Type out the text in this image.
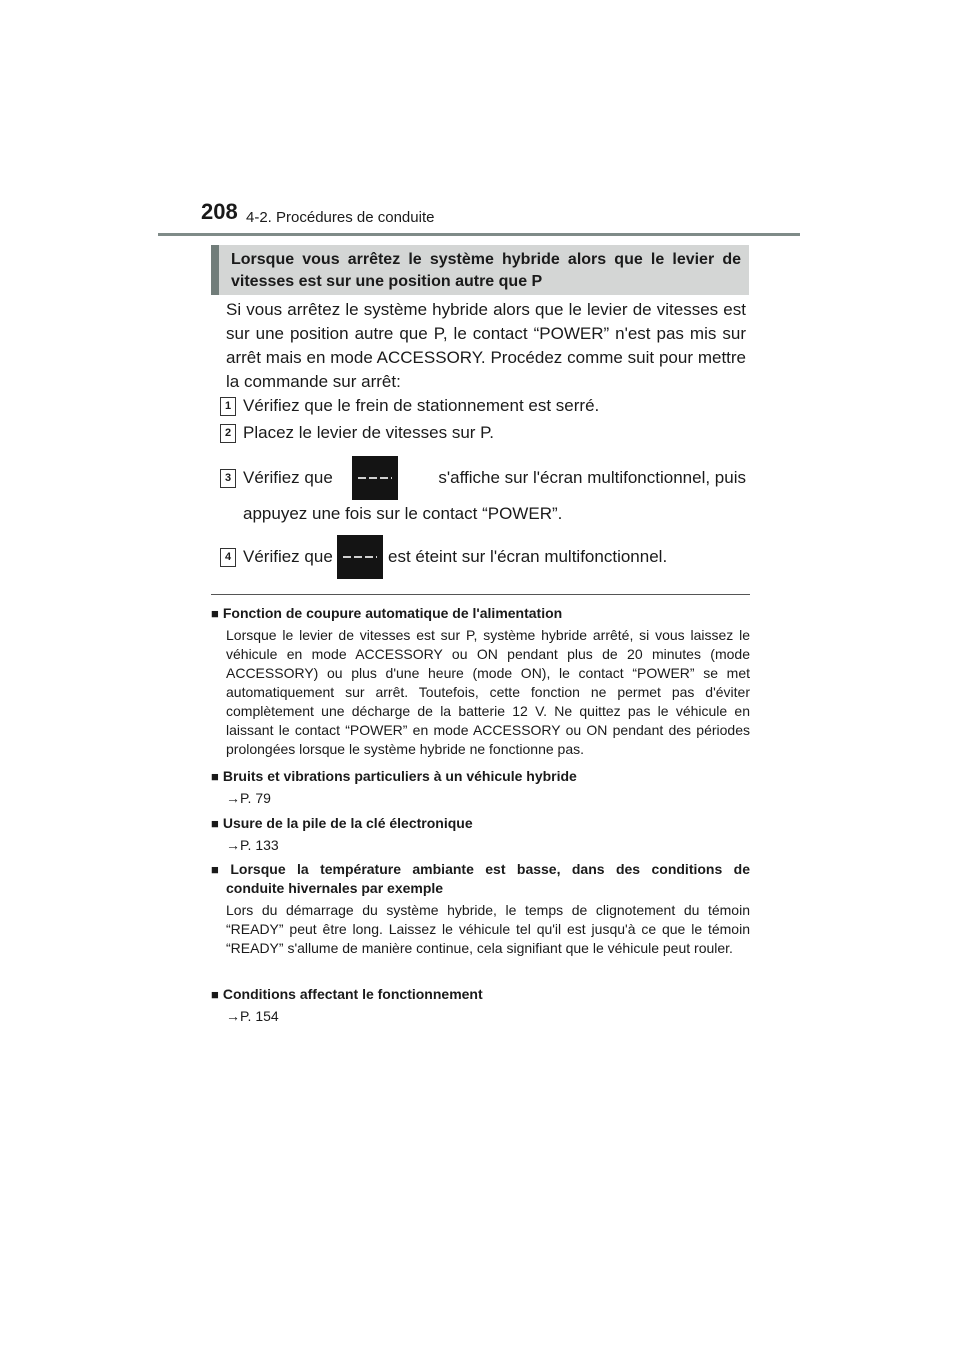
208 4-2. Procédures de conduite
Lorsque vous arrêtez le système hybride alors que le levier de
vitesses est sur une position autre que P
Si vous arrêtez le système hybride alors que le levier de vitesses est sur une position autre que P, le contact “POWER” n'est pas mis sur arrêt mais en mode ACCESSORY. Procédez comme suit pour mettre la commande sur arrêt:
1 Vérifiez que le frein de stationnement est serré.
2 Placez le levier de vitesses sur P.
3 Vérifiez que	s'affiche sur l'écran multifonctionnel, puis
appuyez une fois sur le contact “POWER”.
4 Vérifiez que	est éteint sur l'écran multifonctionnel.
■ Fonction de coupure automatique de l'alimentation
Lorsque le levier de vitesses est sur P, système hybride arrêté, si vous laissez le véhicule en mode ACCESSORY ou ON pendant plus de 20 minutes (mode ACCESSORY) ou plus d'une heure (mode ON), le contact “POWER” se met automatiquement sur arrêt. Toutefois, cette fonction ne permet pas d'éviter complètement une décharge de la batterie 12 V. Ne quittez pas le véhicule en laissant le contact “POWER” en mode ACCESSORY ou ON pendant des périodes prolongées lorsque le système hybride ne fonctionne pas.
■ Bruits et vibrations particuliers à un véhicule hybride
→P. 79
■ Usure de la pile de la clé électronique
→P. 133
■ Lorsque la température ambiante est basse, dans des conditions de
conduite hivernales par exemple
Lors du démarrage du système hybride, le temps de clignotement du témoin “READY” peut être long. Laissez le véhicule tel qu'il est jusqu'à ce que le témoin “READY” s'allume de manière continue, cela signifiant que le véhicule peut rouler.
■ Conditions affectant le fonctionnement
→P. 154
